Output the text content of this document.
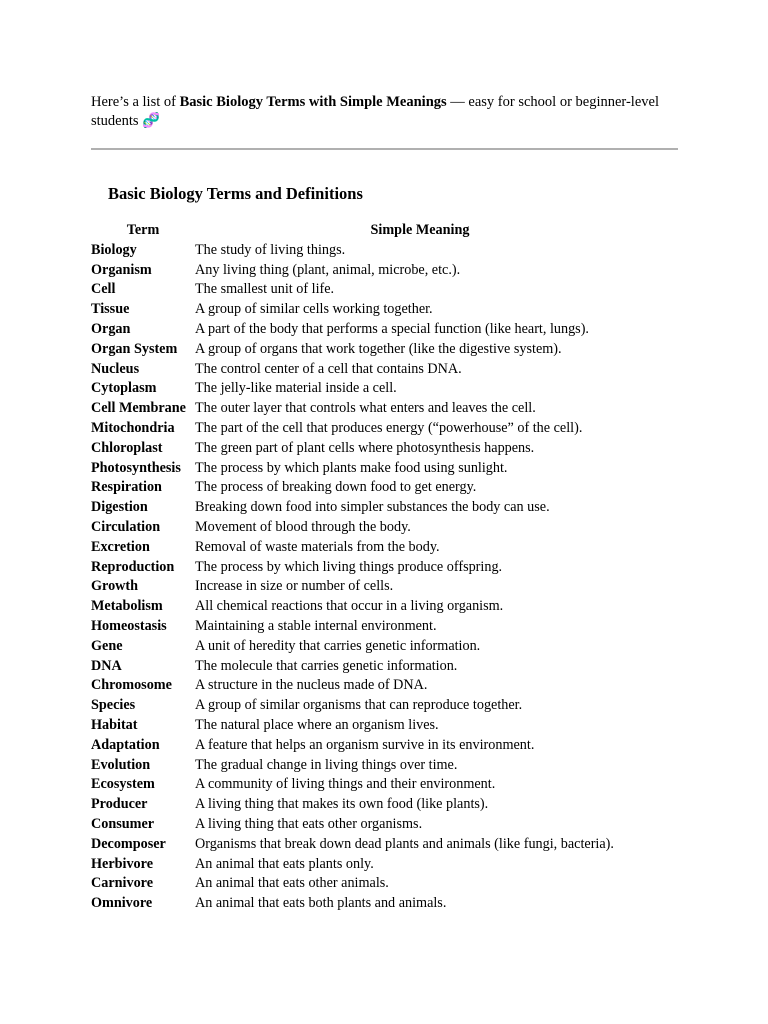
Here’s a list of Basic Biology Terms with Simple Meanings — easy for school or beginner-level students 🧬

Basic Biology Terms and Definitions
Term	Simple Meaning
Biology	The study of living things.
Organism	Any living thing (plant, animal, microbe, etc.).
Cell	The smallest unit of life.
Tissue	A group of similar cells working together.
Organ	A part of the body that performs a special function (like heart, lungs).
Organ System	A group of organs that work together (like the digestive system).
Nucleus	The control center of a cell that contains DNA.
Cytoplasm	The jelly-like material inside a cell.
Cell Membrane	The outer layer that controls what enters and leaves the cell.
Mitochondria	The part of the cell that produces energy (“powerhouse” of the cell).
Chloroplast	The green part of plant cells where photosynthesis happens.
Photosynthesis	The process by which plants make food using sunlight.
Respiration	The process of breaking down food to get energy.
Digestion	Breaking down food into simpler substances the body can use.
Circulation	Movement of blood through the body.
Excretion	Removal of waste materials from the body.
Reproduction	The process by which living things produce offspring.
Growth	Increase in size or number of cells.
Metabolism	All chemical reactions that occur in a living organism.
Homeostasis	Maintaining a stable internal environment.
Gene	A unit of heredity that carries genetic information.
DNA	The molecule that carries genetic information.
Chromosome	A structure in the nucleus made of DNA.
Species	A group of similar organisms that can reproduce together.
Habitat	The natural place where an organism lives.
Adaptation	A feature that helps an organism survive in its environment.
Evolution	The gradual change in living things over time.
Ecosystem	A community of living things and their environment.
Producer	A living thing that makes its own food (like plants).
Consumer	A living thing that eats other organisms.
Decomposer	Organisms that break down dead plants and animals (like fungi, bacteria).
Herbivore	An animal that eats plants only.
Carnivore	An animal that eats other animals.
Omnivore	An animal that eats both plants and animals.
